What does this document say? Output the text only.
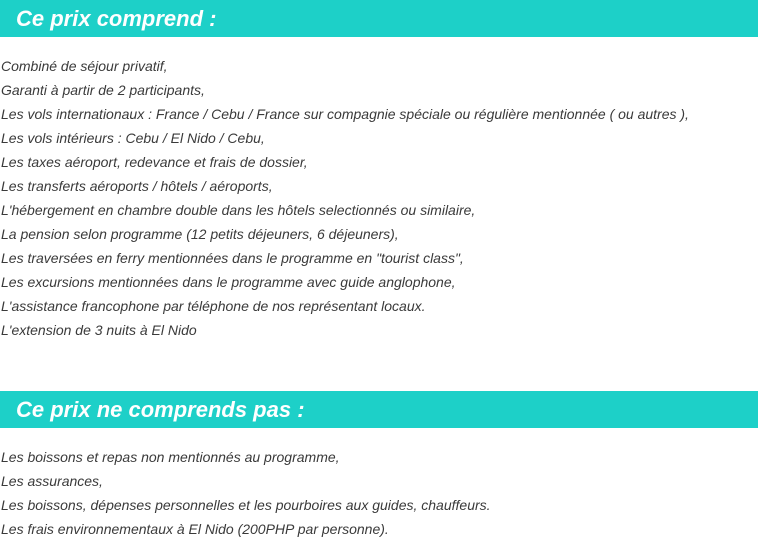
Ce prix comprend :
Combiné de séjour privatif,
Garanti à partir de 2 participants,
Les vols internationaux : France / Cebu / France sur compagnie spéciale ou régulière mentionnée ( ou autres ),
Les vols intérieurs : Cebu / El Nido / Cebu,
Les taxes aéroport, redevance et frais de dossier,
Les transferts aéroports / hôtels / aéroports,
L'hébergement en chambre double dans les hôtels selectionnés ou similaire,
La pension selon programme (12 petits déjeuners, 6 déjeuners),
Les traversées en ferry mentionnées dans le programme en "tourist class",
Les excursions mentionnées dans le programme avec guide anglophone,
L'assistance francophone par téléphone de nos représentant locaux.
L'extension de 3 nuits à El Nido
Ce prix ne comprends pas :
Les boissons et repas non mentionnés au programme,
Les assurances,
Les boissons, dépenses personnelles et les pourboires aux guides, chauffeurs.
Les frais environnementaux à El Nido (200PHP par personne).
